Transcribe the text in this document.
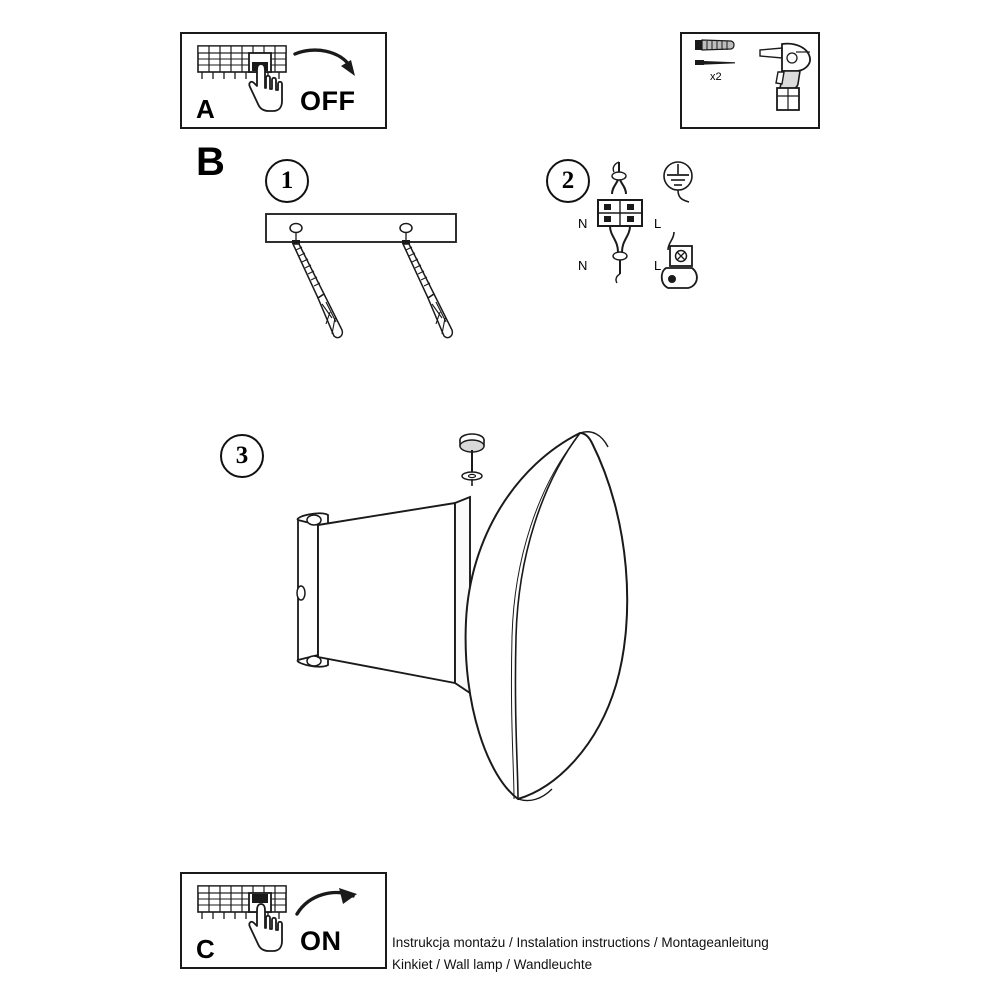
A	OFF
x2
B	1	2
N	L
N	L
3
C	ON	Instrukcja montażu / Instalation instructions / Montageanleitung
Kinkiet / Wall lamp / Wandleuchte
